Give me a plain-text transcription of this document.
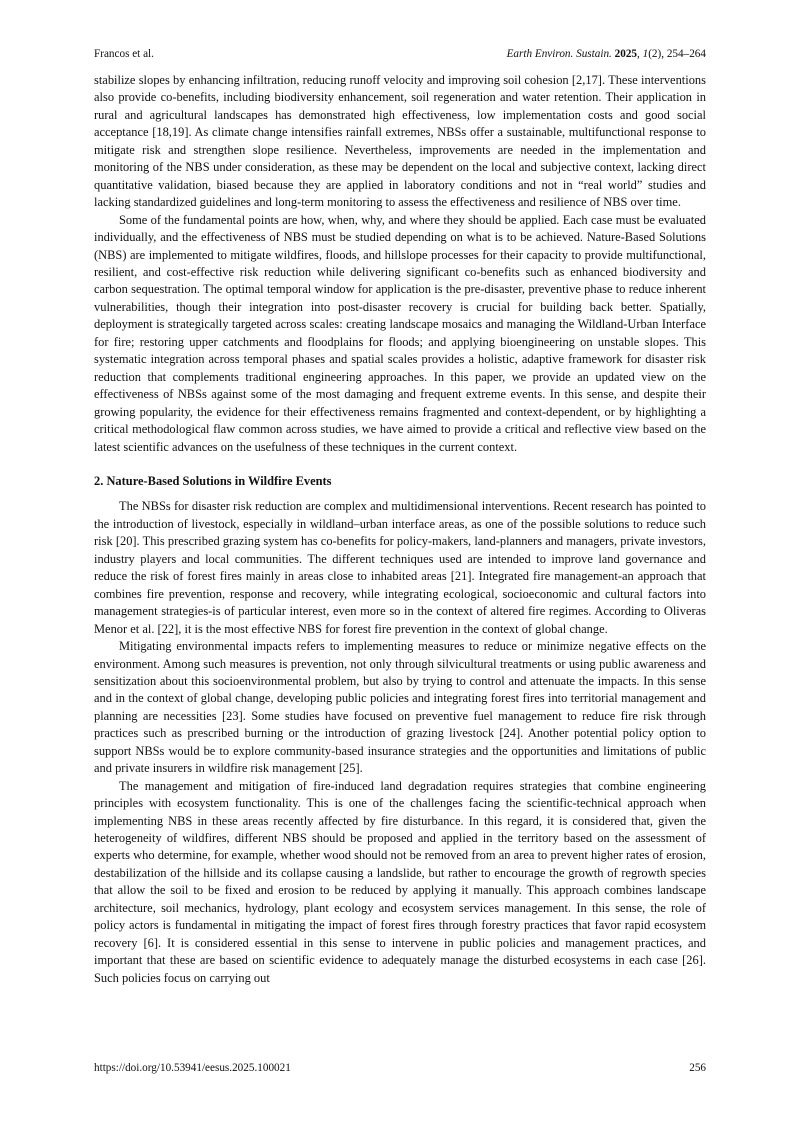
Francos et al.	Earth Environ. Sustain. 2025, 1(2), 254–264

stabilize slopes by enhancing infiltration, reducing runoff velocity and improving soil cohesion [2,17]. These interventions also provide co-benefits, including biodiversity enhancement, soil regeneration and water retention. Their application in rural and agricultural landscapes has demonstrated high effectiveness, low implementation costs and good social acceptance [18,19]. As climate change intensifies rainfall extremes, NBSs offer a sustainable, multifunctional response to mitigate risk and strengthen slope resilience. Nevertheless, improvements are needed in the implementation and monitoring of the NBS under consideration, as these may be dependent on the local and subjective context, lacking direct quantitative validation, biased because they are applied in laboratory conditions and not in “real world” studies and lacking standardized guidelines and long-term monitoring to assess the effectiveness and resilience of NBS over time.

Some of the fundamental points are how, when, why, and where they should be applied. Each case must be evaluated individually, and the effectiveness of NBS must be studied depending on what is to be achieved. Nature-Based Solutions (NBS) are implemented to mitigate wildfires, floods, and hillslope processes for their capacity to provide multifunctional, resilient, and cost-effective risk reduction while delivering significant co-benefits such as enhanced biodiversity and carbon sequestration. The optimal temporal window for application is the pre-disaster, preventive phase to reduce inherent vulnerabilities, though their integration into post-disaster recovery is crucial for building back better. Spatially, deployment is strategically targeted across scales: creating landscape mosaics and managing the Wildland-Urban Interface for fire; restoring upper catchments and floodplains for floods; and applying bioengineering on unstable slopes. This systematic integration across temporal phases and spatial scales provides a holistic, adaptive framework for disaster risk reduction that complements traditional engineering approaches. In this paper, we provide an updated view on the effectiveness of NBSs against some of the most damaging and frequent extreme events. In this sense, and despite their growing popularity, the evidence for their effectiveness remains fragmented and context-dependent, or by highlighting a critical methodological flaw common across studies, we have aimed to provide a critical and reflective view based on the latest scientific advances on the usefulness of these techniques in the current context.

2. Nature-Based Solutions in Wildfire Events

The NBSs for disaster risk reduction are complex and multidimensional interventions. Recent research has pointed to the introduction of livestock, especially in wildland–urban interface areas, as one of the possible solutions to reduce such risk [20]. This prescribed grazing system has co-benefits for policy-makers, land-planners and managers, private investors, industry players and local communities. The different techniques used are intended to improve land governance and reduce the risk of forest fires mainly in areas close to inhabited areas [21]. Integrated fire management-an approach that combines fire prevention, response and recovery, while integrating ecological, socioeconomic and cultural factors into management strategies-is of particular interest, even more so in the context of altered fire regimes. According to Oliveras Menor et al. [22], it is the most effective NBS for forest fire prevention in the context of global change.

Mitigating environmental impacts refers to implementing measures to reduce or minimize negative effects on the environment. Among such measures is prevention, not only through silvicultural treatments or using public awareness and sensitization about this socioenvironmental problem, but also by trying to control and attenuate the impacts. In this sense and in the context of global change, developing public policies and integrating forest fires into territorial management and planning are necessities [23]. Some studies have focused on preventive fuel management to reduce fire risk through practices such as prescribed burning or the introduction of grazing livestock [24]. Another potential policy option to support NBSs would be to explore community-based insurance strategies and the opportunities and limitations of public and private insurers in wildfire risk management [25].

The management and mitigation of fire-induced land degradation requires strategies that combine engineering principles with ecosystem functionality. This is one of the challenges facing the scientific-technical approach when implementing NBS in these areas recently affected by fire disturbance. In this regard, it is considered that, given the heterogeneity of wildfires, different NBS should be proposed and applied in the territory based on the assessment of experts who determine, for example, whether wood should not be removed from an area to prevent higher rates of erosion, destabilization of the hillside and its collapse causing a landslide, but rather to encourage the growth of regrowth species that allow the soil to be fixed and erosion to be reduced by applying it manually. This approach combines landscape architecture, soil mechanics, hydrology, plant ecology and ecosystem services management. In this sense, the role of policy actors is fundamental in mitigating the impact of forest fires through forestry practices that favor rapid ecosystem recovery [6]. It is considered essential in this sense to intervene in public policies and management practices, and important that these are based on scientific evidence to adequately manage the disturbed ecosystems in each case [26]. Such policies focus on carrying out

https://doi.org/10.53941/eesus.2025.100021	256
